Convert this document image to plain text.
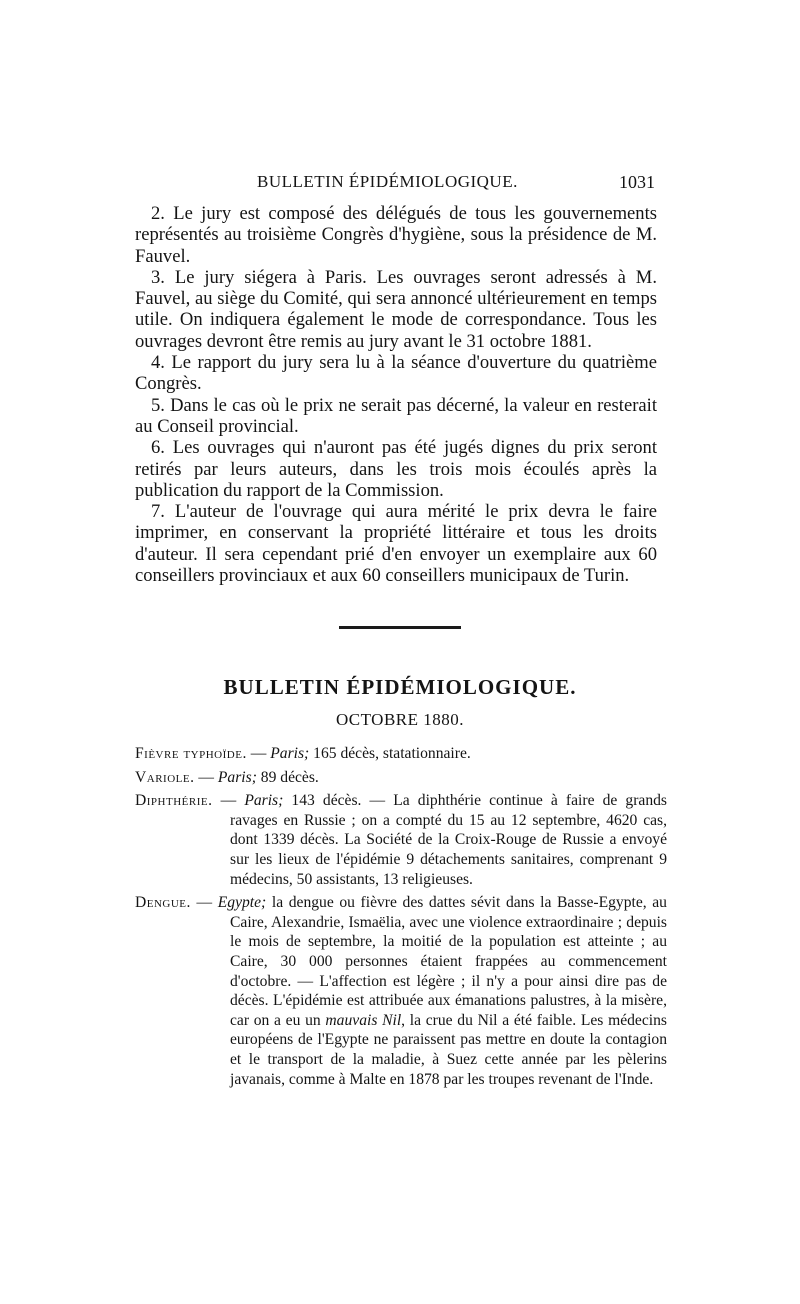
BULLETIN ÉPIDÉMIOLOGIQUE.	1031

2. Le jury est composé des délégués de tous les gouvernements représentés au troisième Congrès d'hygiène, sous la présidence de M. Fauvel.

3. Le jury siégera à Paris. Les ouvrages seront adressés à M. Fauvel, au siège du Comité, qui sera annoncé ultérieurement en temps utile. On indiquera également le mode de correspondance. Tous les ouvrages devront être remis au jury avant le 31 octobre 1881.

4. Le rapport du jury sera lu à la séance d'ouverture du quatrième Congrès.

5. Dans le cas où le prix ne serait pas décerné, la valeur en resterait au Conseil provincial.

6. Les ouvrages qui n'auront pas été jugés dignes du prix seront retirés par leurs auteurs, dans les trois mois écoulés après la publication du rapport de la Commission.

7. L'auteur de l'ouvrage qui aura mérité le prix devra le faire imprimer, en conservant la propriété littéraire et tous les droits d'auteur. Il sera cependant prié d'en envoyer un exemplaire aux 60 conseillers provinciaux et aux 60 conseillers municipaux de Turin.

BULLETIN ÉPIDÉMIOLOGIQUE.
OCTOBRE 1880.
Fièvre typhoïde. — Paris; 165 décès, statationnaire.
Variole. — Paris; 89 décès.
Diphthérie. — Paris; 143 décès. — La diphthérie continue à faire de grands ravages en Russie ; on a compté du 15 au 12 septembre, 4620 cas, dont 1339 décès. La Société de la Croix-Rouge de Russie a envoyé sur les lieux de l'épidémie 9 détachements sanitaires, comprenant 9 médecins, 50 assistants, 13 religieuses.
Dengue. — Egypte; la dengue ou fièvre des dattes sévit dans la Basse-Egypte, au Caire, Alexandrie, Ismaëlia, avec une violence extraordinaire ; depuis le mois de septembre, la moitié de la population est atteinte ; au Caire, 30 000 personnes étaient frappées au commencement d'octobre. — L'affection est légère ; il n'y a pour ainsi dire pas de décès. L'épidémie est attribuée aux émanations palustres, à la misère, car on a eu un mauvais Nil, la crue du Nil a été faible. Les médecins européens de l'Egypte ne paraissent pas mettre en doute la contagion et le transport de la maladie, à Suez cette année par les pèlerins javanais, comme à Malte en 1878 par les troupes revenant de l'Inde.
